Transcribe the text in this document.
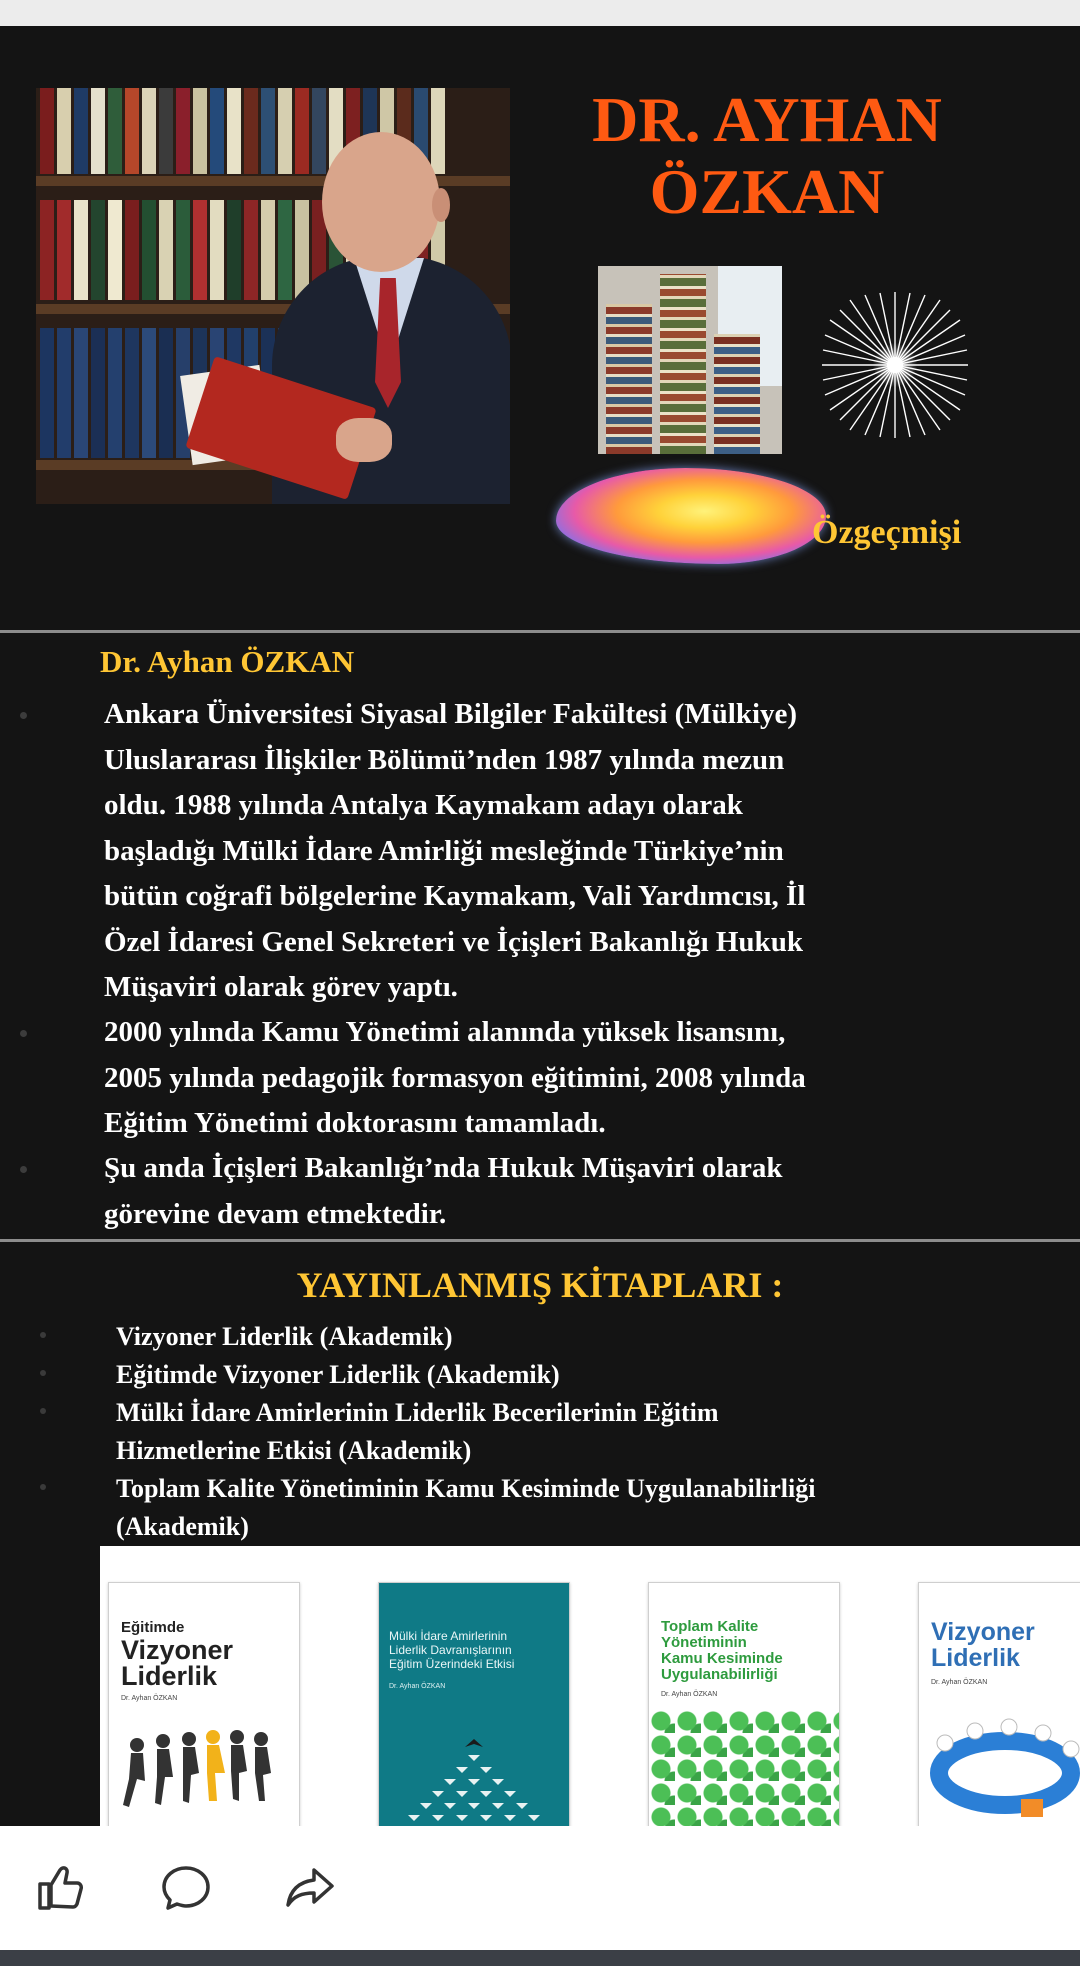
DR. AYHAN
ÖZKAN

Özgeçmişi

Dr. Ayhan ÖZKAN

Ankara Üniversitesi Siyasal Bilgiler Fakültesi (Mülkiye)
Uluslararası İlişkiler Bölümü’nden 1987 yılında mezun
oldu. 1988 yılında Antalya Kaymakam adayı olarak
başladığı Mülki İdare Amirliği mesleğinde Türkiye’nin
bütün coğrafi bölgelerine Kaymakam, Vali Yardımcısı, İl
Özel İdaresi Genel Sekreteri ve İçişleri Bakanlığı Hukuk
Müşaviri olarak görev yaptı.

2000 yılında Kamu Yönetimi alanında yüksek lisansını,
2005 yılında pedagojik formasyon eğitimini, 2008 yılında
Eğitim Yönetimi doktorasını tamamladı.

Şu anda İçişleri Bakanlığı’nda Hukuk Müşaviri olarak
görevine devam etmektedir.

YAYINLANMIŞ KİTAPLARI :

Vizyoner Liderlik (Akademik)

Eğitimde Vizyoner Liderlik (Akademik)

Mülki İdare Amirlerinin Liderlik Becerilerinin Eğitim
Hizmetlerine Etkisi (Akademik)

Toplam Kalite Yönetiminin Kamu Kesiminde Uygulanabilirliği
(Akademik)

Eğitimde

Vizyoner
Liderlik

Dr. Ayhan ÖZKAN

Mülki İdare Amirlerinin
Liderlik Davranışlarının
Eğitim Üzerindeki Etkisi

Dr. Ayhan ÖZKAN

Toplam Kalite
Yönetiminin
Kamu Kesiminde
Uygulanabilirliği

Dr. Ayhan ÖZKAN

Vizyoner
Liderlik

Dr. Ayhan ÖZKAN
